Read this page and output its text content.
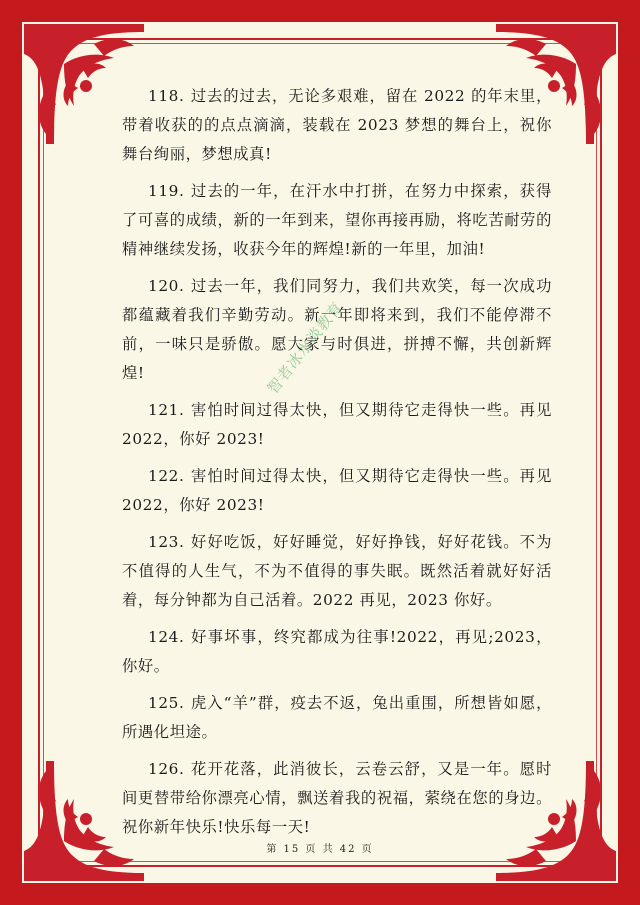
118. 过去的过去，无论多艰难，留在 2022 的年末里，带着收获的的点点滴滴，装载在 2023 梦想的舞台上，祝你舞台绚丽，梦想成真!

119. 过去的一年，在汗水中打拼，在努力中探索，获得了可喜的成绩，新的一年到来，望你再接再励，将吃苦耐劳的精神继续发扬，收获今年的辉煌!新的一年里，加油!

120. 过去一年，我们同努力，我们共欢笑，每一次成功都蕴藏着我们辛勤劳动。新一年即将来到，我们不能停滞不前，一味只是骄傲。愿大家与时俱进，拼搏不懈，共创新辉煌!

121. 害怕时间过得太快，但又期待它走得快一些。再见 2022，你好 2023!

122. 害怕时间过得太快，但又期待它走得快一些。再见 2022，你好 2023!

123. 好好吃饭，好好睡觉，好好挣钱，好好花钱。不为不值得的人生气，不为不值得的事失眠。既然活着就好好活着，每分钟都为自己活着。2022 再见，2023 你好。

124. 好事坏事，终究都成为往事!2022，再见;2023，你好。

125. 虎入“羊”群，疫去不返，兔出重围，所想皆如愿，所遇化坦途。

126. 花开花落，此消彼长，云卷云舒，又是一年。愿时间更替带给你漂亮心情，飘送着我的祝福，萦绕在您的身边。祝你新年快乐!快乐每一天!

智者冰水淡教育
第 15 页 共 42 页
